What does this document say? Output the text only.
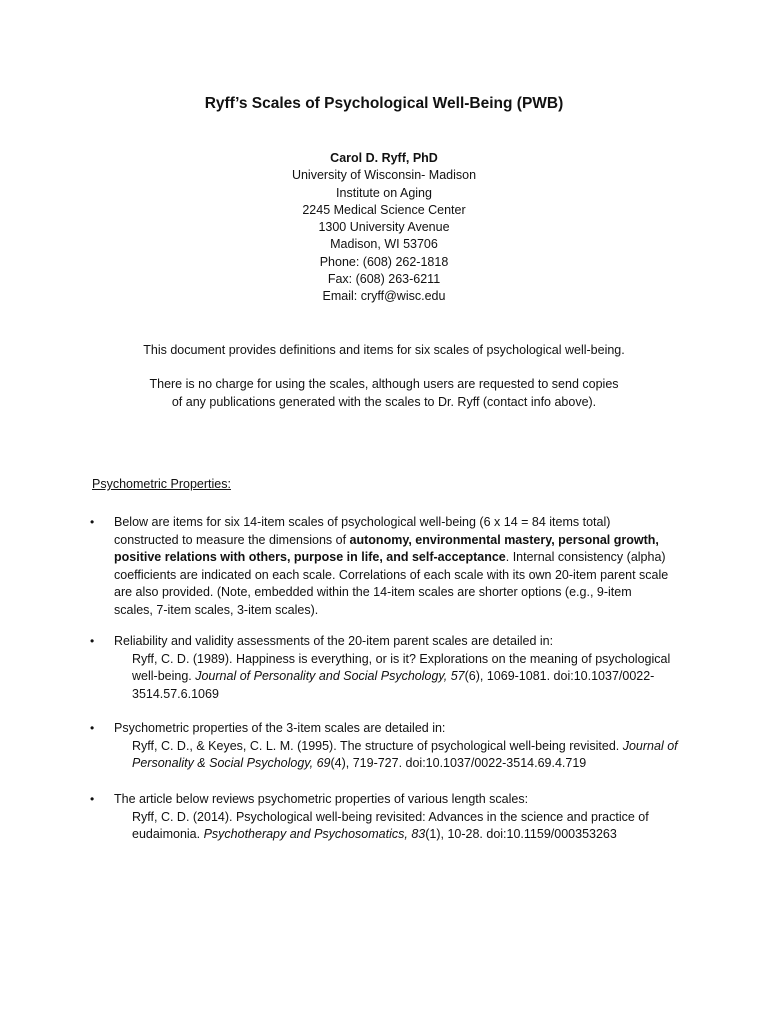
Ryff’s Scales of Psychological Well-Being (PWB)
Carol D. Ryff, PhD
University of Wisconsin- Madison
Institute on Aging
2245 Medical Science Center
1300 University Avenue
Madison, WI 53706
Phone: (608) 262-1818
Fax: (608) 263-6211
Email: cryff@wisc.edu
This document provides definitions and items for six scales of psychological well-being.
There is no charge for using the scales, although users are requested to send copies
of any publications generated with the scales to Dr. Ryff (contact info above).
Psychometric Properties:
•	Below are items for six 14-item scales of psychological well-being (6 x 14 = 84 items total)
constructed to measure the dimensions of autonomy, environmental mastery, personal growth,
positive relations with others, purpose in life, and self-acceptance. Internal consistency (alpha)
coefficients are indicated on each scale. Correlations of each scale with its own 20-item parent scale
are also provided. (Note, embedded within the 14-item scales are shorter options (e.g., 9-item
scales, 7-item scales, 3-item scales).
•	Reliability and validity assessments of the 20-item parent scales are detailed in:
Ryff, C. D. (1989). Happiness is everything, or is it? Explorations on the meaning of psychological
well-being. Journal of Personality and Social Psychology, 57(6), 1069-1081. doi:10.1037/0022-
3514.57.6.1069
•	Psychometric properties of the 3-item scales are detailed in:
Ryff, C. D., & Keyes, C. L. M. (1995). The structure of psychological well-being revisited. Journal of
Personality & Social Psychology, 69(4), 719-727. doi:10.1037/0022-3514.69.4.719
•	The article below reviews psychometric properties of various length scales:
Ryff, C. D. (2014). Psychological well-being revisited: Advances in the science and practice of
eudaimonia. Psychotherapy and Psychosomatics, 83(1), 10-28. doi:10.1159/000353263
